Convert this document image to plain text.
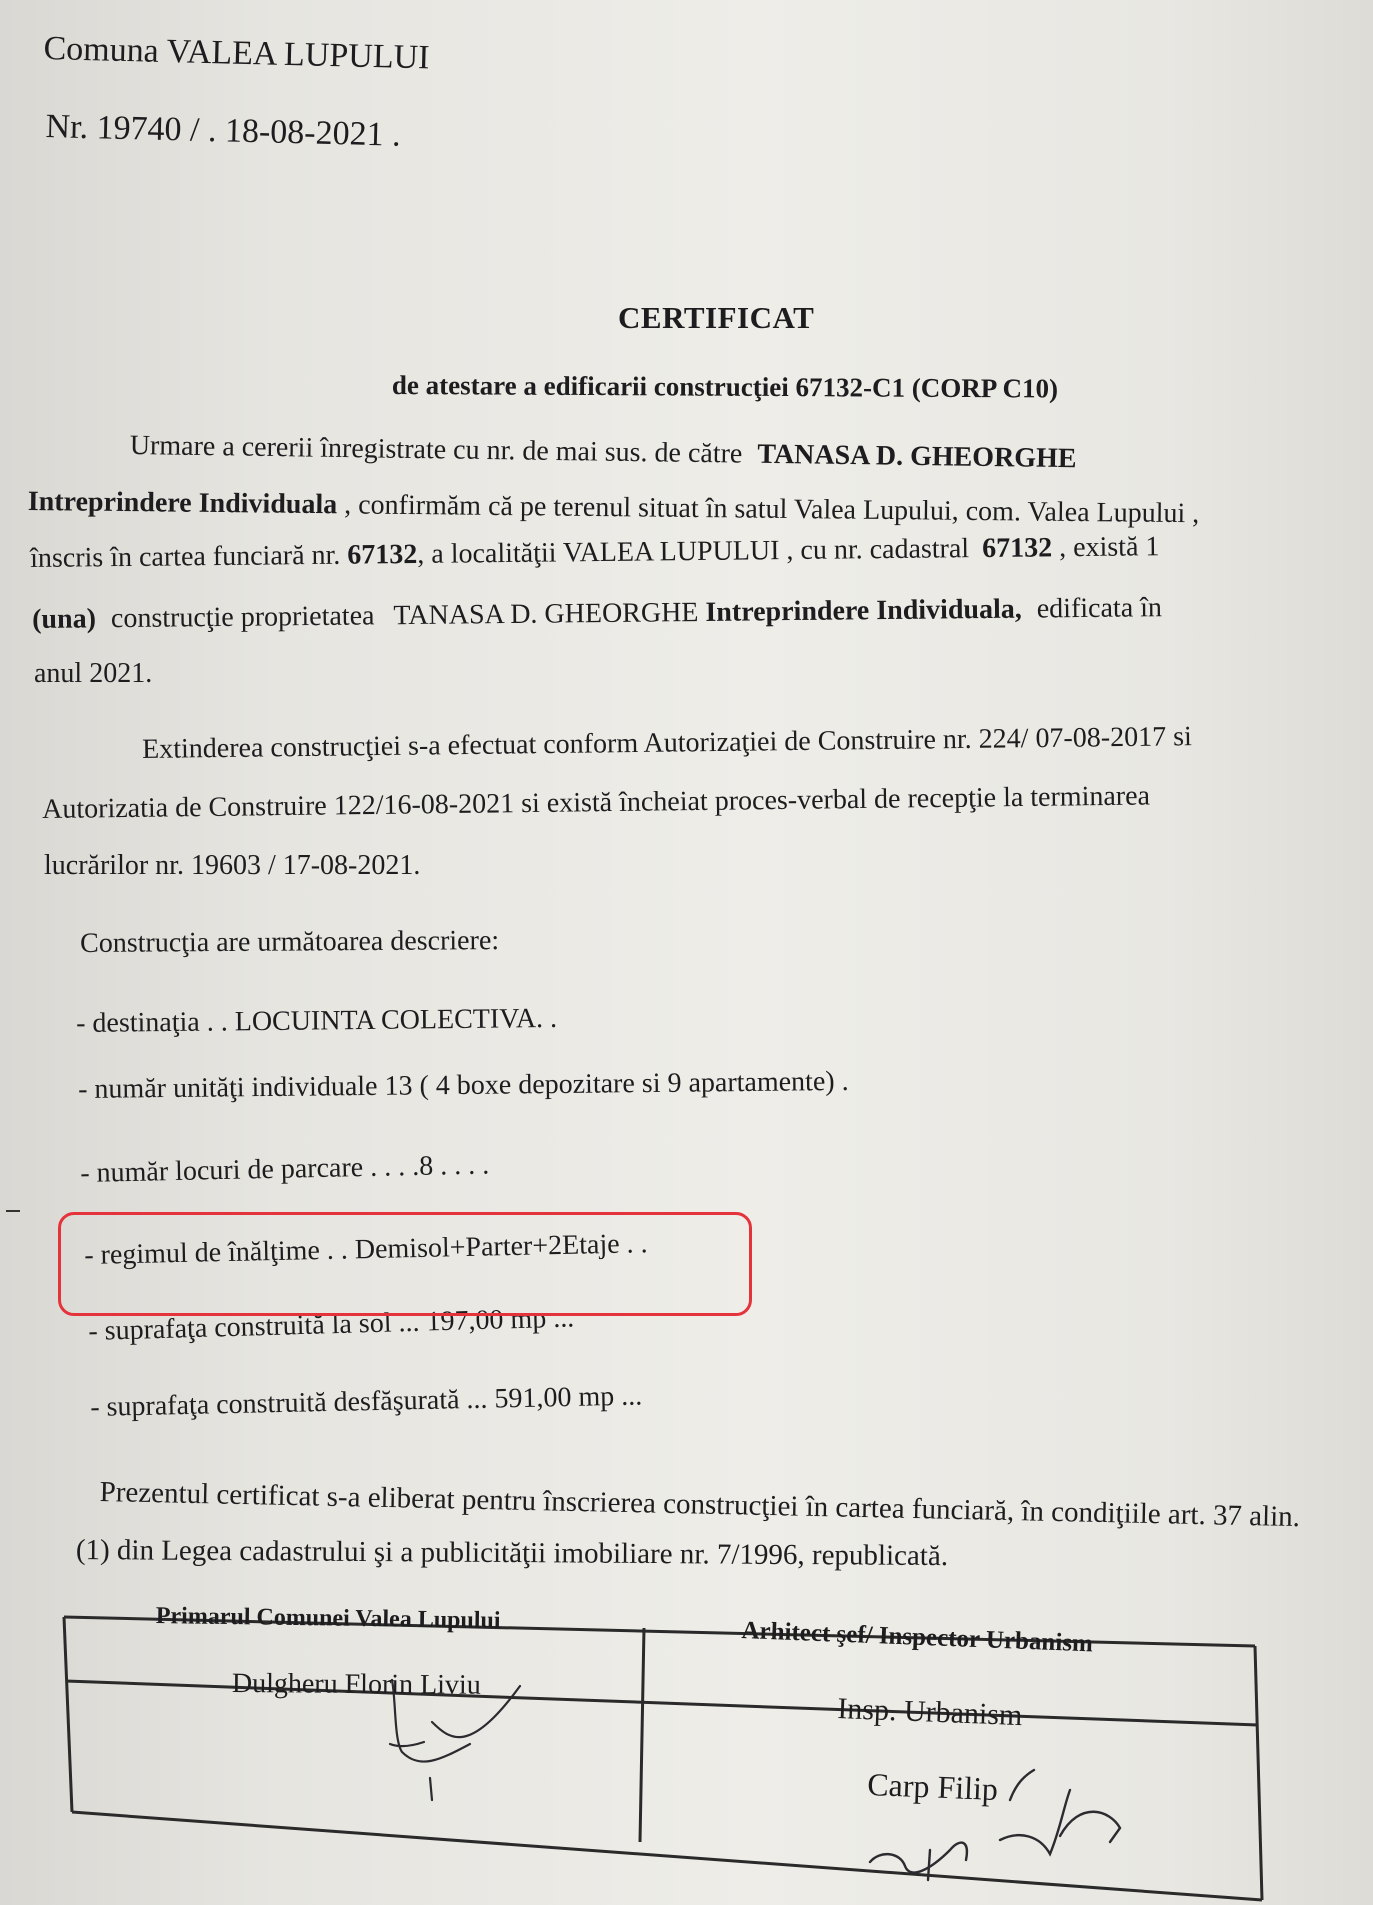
Comuna VALEA LUPULUI
Nr. 19740 / . 18-08-2021 .
CERTIFICAT
de atestare a edificarii construcţiei 67132-C1 (CORP C10)
Urmare a cererii înregistrate cu nr. de mai sus. de către TANASA D. GHEORGHE
Intreprindere Individuala , confirmăm că pe terenul situat în satul Valea Lupului, com. Valea Lupului ,
înscris în cartea funciară nr. 67132, a localităţii VALEA LUPULUI , cu nr. cadastral 67132 , există 1
(una) construcţie proprietatea TANASA D. GHEORGHE Intreprindere Individuala, edificata în
anul 2021.
Extinderea construcţiei s-a efectuat conform Autorizaţiei de Construire nr. 224/ 07-08-2017 si
Autorizatia de Construire 122/16-08-2021 si există încheiat proces-verbal de recepţie la terminarea
lucrărilor nr. 19603 / 17-08-2021.
Construcţia are următoarea descriere:
- destinaţia . . LOCUINTA COLECTIVA. .
- număr unităţi individuale 13 ( 4 boxe depozitare si 9 apartamente) .
- număr locuri de parcare . . . .8 . . . .
- regimul de înălţime . . Demisol+Parter+2Etaje . .
- suprafaţa construită la sol ... 197,00 mp ...
- suprafaţa construită desfăşurată ... 591,00 mp ...
Prezentul certificat s-a eliberat pentru înscrierea construcţiei în cartea funciară, în condiţiile art. 37 alin.
(1) din Legea cadastrului şi a publicităţii imobiliare nr. 7/1996, republicată.
Primarul Comunei Valea Lupului	Arhitect şef/ Inspector Urbanism
Dulgheru Florin Liviu
Insp. Urbanism
Carp Filip
